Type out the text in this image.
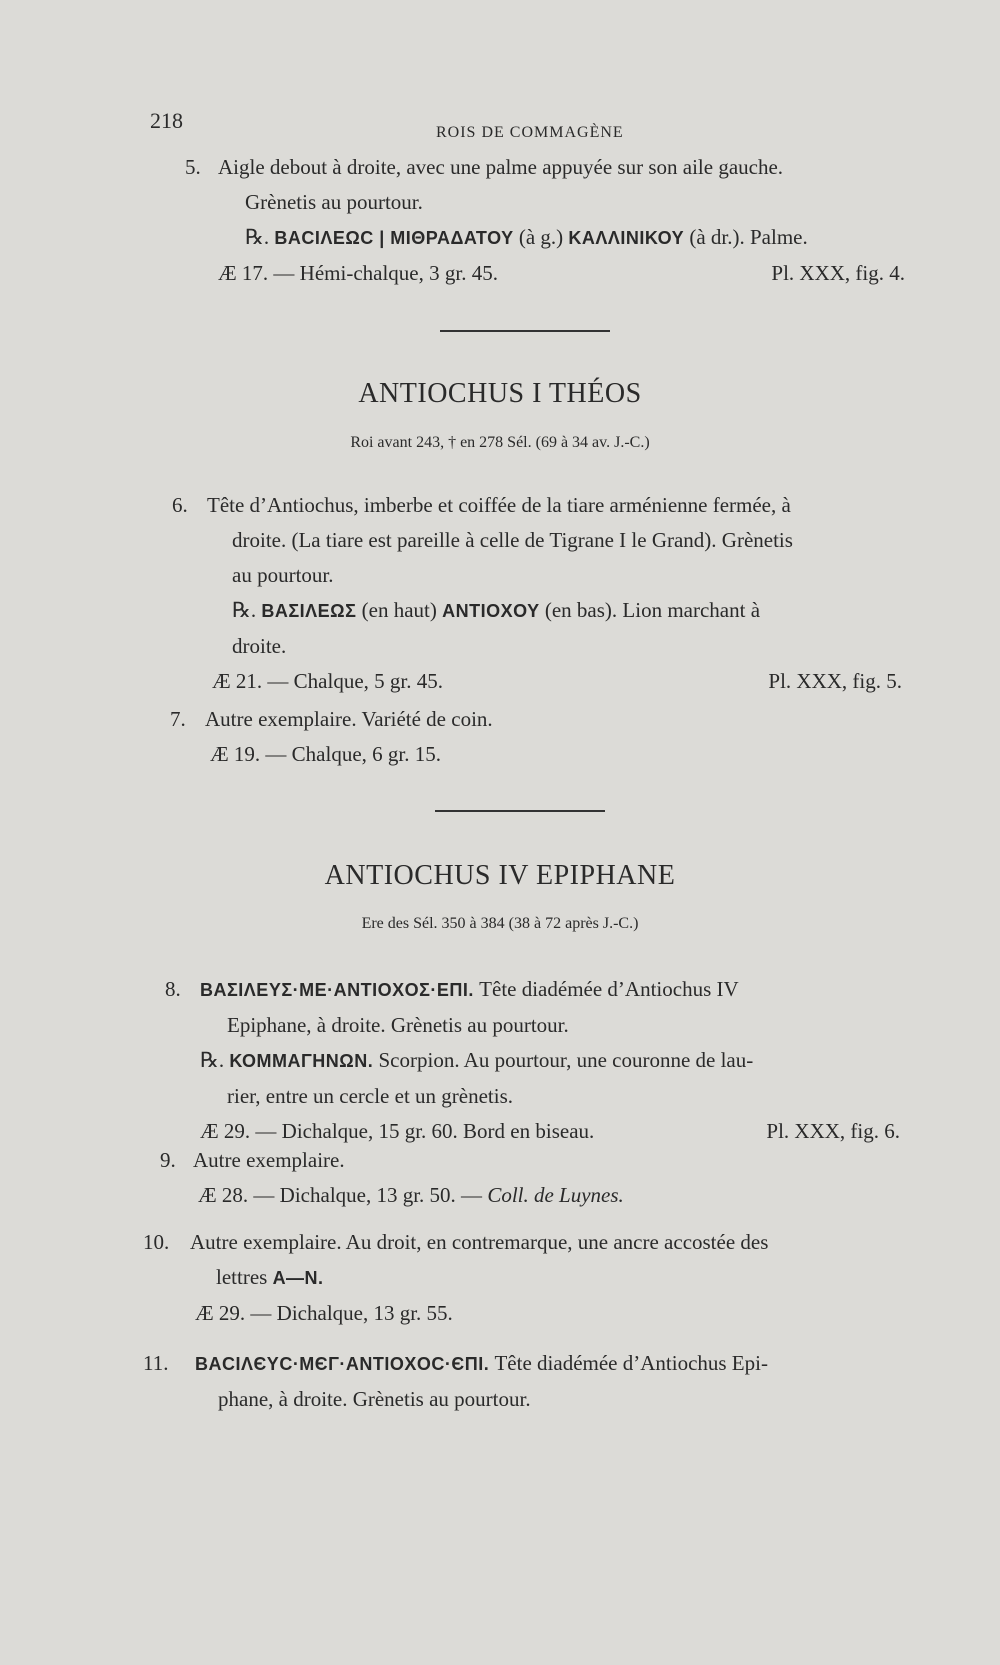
218	ROIS DE COMMAGÈNE
5. Aigle debout à droite, avec une palme appuyée sur son aile gauche.
Grènetis au pourtour.
℞. ΒΑϹΙΛΕΩϹ | ΜΙΘΡΑΔΑΤΟΥ (à g.) ΚΑΛΛΙΝΙΚΟΥ (à dr.). Palme.
Æ 17. — Hémi-chalque, 3 gr. 45.	Pl. XXX, fig. 4.
ANTIOCHUS I THÉOS
Roi avant 243, † en 278 Sél. (69 à 34 av. J.-C.)
6. Tête d’Antiochus, imberbe et coiffée de la tiare arménienne fermée, à
droite. (La tiare est pareille à celle de Tigrane I le Grand). Grènetis
au pourtour.
℞. ΒΑΣΙΛΕΩΣ (en haut) ΑΝΤΙΟΧΟΥ (en bas). Lion marchant à
droite.
Æ 21. — Chalque, 5 gr. 45.	Pl. XXX, fig. 5.
7. Autre exemplaire. Variété de coin.
Æ 19. — Chalque, 6 gr. 15.
ANTIOCHUS IV EPIPHANE
Ere des Sél. 350 à 384 (38 à 72 après J.-C.)
8.	ΒΑΣΙΛΕΥΣ·ΜΕ·ΑΝΤΙΟΧΟΣ·ΕΠΙ. Tête diadémée d’Antiochus IV
Epiphane, à droite. Grènetis au pourtour.
℞. ΚΟΜΜΑΓΗΝΩΝ. Scorpion. Au pourtour, une couronne de lau-
rier, entre un cercle et un grènetis.
Æ 29. — Dichalque, 15 gr. 60. Bord en biseau.	Pl. XXX, fig. 6.
9. Autre exemplaire.
Æ 28. — Dichalque, 13 gr. 50. — Coll. de Luynes.
10. Autre exemplaire. Au droit, en contremarque, une ancre accostée des
lettres Α—Ν.
Æ 29. — Dichalque, 13 gr. 55.
11.	ΒΑϹΙΛЄΥϹ·ΜЄΓ·ΑΝΤΙΟΧΟϹ·ЄΠΙ. Tête diadémée d’Antiochus Epi-
phane, à droite. Grènetis au pourtour.
